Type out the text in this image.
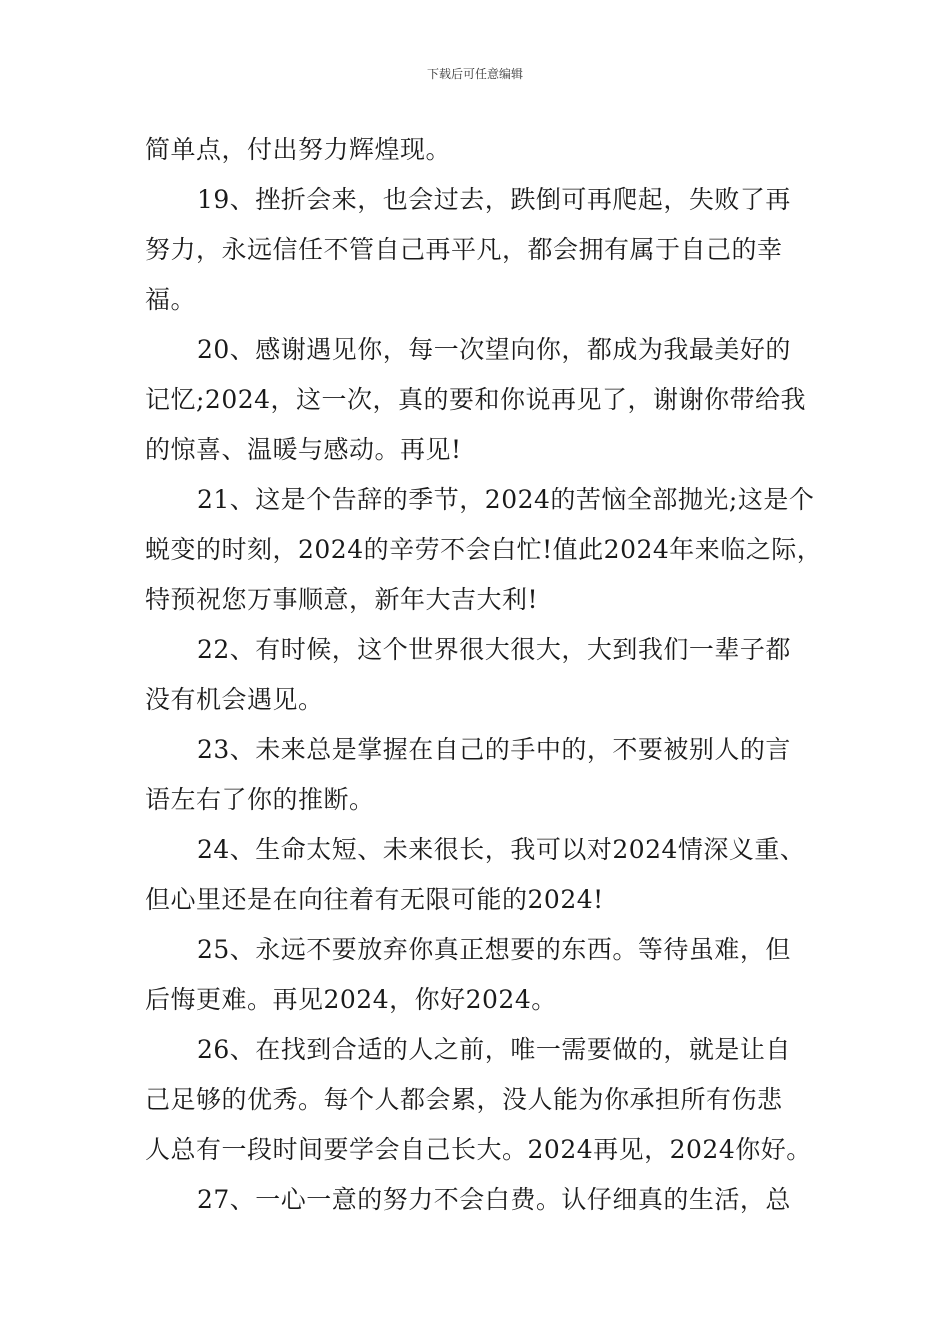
下载后可任意编辑
简单点，付出努力辉煌现。
19、挫折会来，也会过去，跌倒可再爬起，失败了再
努力，永远信任不管自己再平凡，都会拥有属于自己的幸
福。
20、感谢遇见你，每一次望向你，都成为我最美好的
记忆;2024，这一次，真的要和你说再见了，谢谢你带给我
的惊喜、温暖与感动。再见!
21、这是个告辞的季节，2024的苦恼全部抛光;这是个
蜕变的时刻，2024的辛劳不会白忙!值此2024年来临之际，
特预祝您万事顺意，新年大吉大利!
22、有时候，这个世界很大很大，大到我们一辈子都
没有机会遇见。
23、未来总是掌握在自己的手中的，不要被别人的言
语左右了你的推断。
24、生命太短、未来很长，我可以对2024情深义重、
但心里还是在向往着有无限可能的2024!
25、永远不要放弃你真正想要的东西。等待虽难，但
后悔更难。再见2024，你好2024。
26、在找到合适的人之前，唯一需要做的，就是让自
己足够的优秀。每个人都会累，没人能为你承担所有伤悲
人总有一段时间要学会自己长大。2024再见，2024你好。
27、一心一意的努力不会白费。认仔细真的生活，总
